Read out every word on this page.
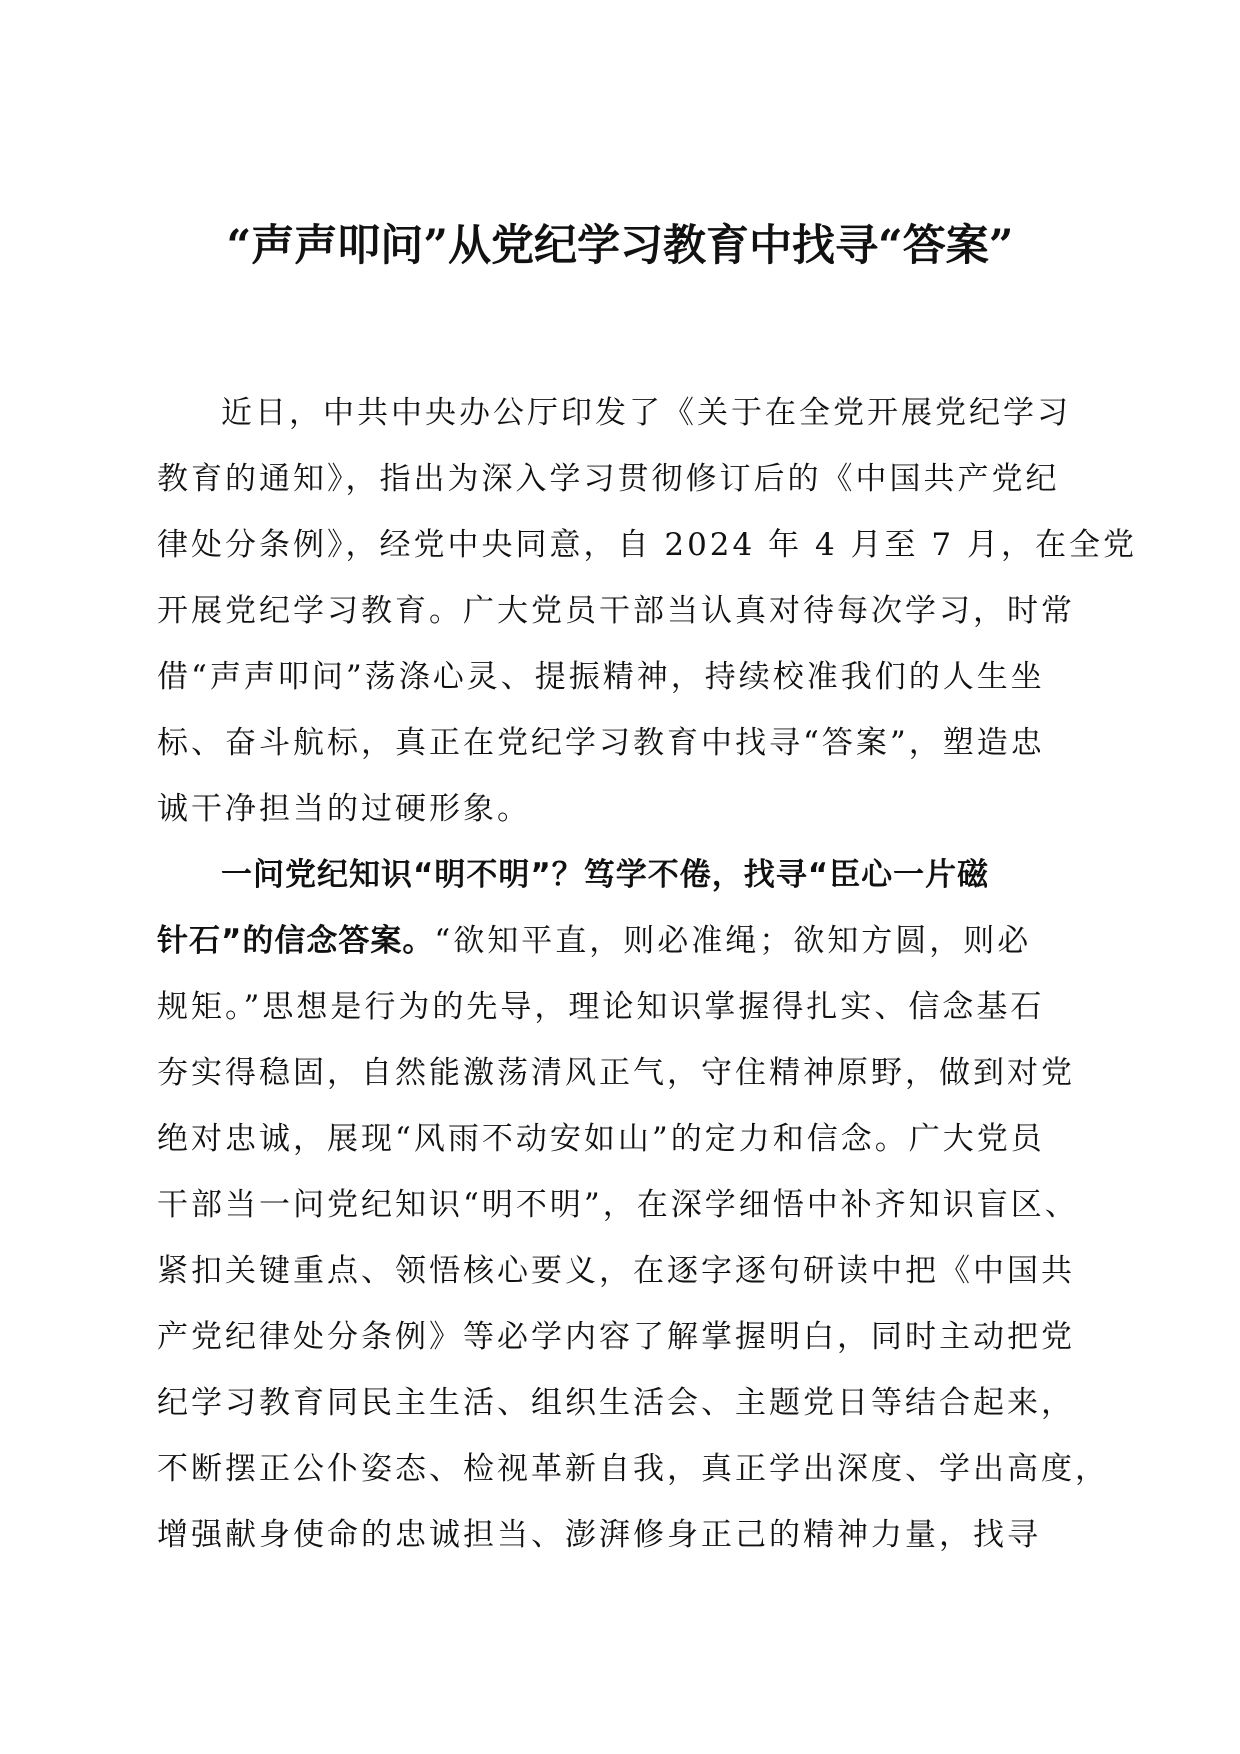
“声声叩问”从党纪学习教育中找寻“答案”
近日，中共中央办公厅印发了《关于在全党开展党纪学习
教育的通知》，指出为深入学习贯彻修订后的《中国共产党纪
律处分条例》，经党中央同意，自 2024 年 4 月至 7 月，在全党
开展党纪学习教育。广大党员干部当认真对待每次学习，时常
借“声声叩问”荡涤心灵、提振精神，持续校准我们的人生坐
标、奋斗航标，真正在党纪学习教育中找寻“答案”，塑造忠
诚干净担当的过硬形象。
一问党纪知识“明不明”？笃学不倦，找寻“臣心一片磁
针石”的信念答案。“欲知平直，则必准绳；欲知方圆，则必
规矩。”思想是行为的先导，理论知识掌握得扎实、信念基石
夯实得稳固，自然能激荡清风正气，守住精神原野，做到对党
绝对忠诚，展现“风雨不动安如山”的定力和信念。广大党员
干部当一问党纪知识“明不明”，在深学细悟中补齐知识盲区、
紧扣关键重点、领悟核心要义，在逐字逐句研读中把《中国共
产党纪律处分条例》等必学内容了解掌握明白，同时主动把党
纪学习教育同民主生活、组织生活会、主题党日等结合起来，
不断摆正公仆姿态、检视革新自我，真正学出深度、学出高度，
增强献身使命的忠诚担当、澎湃修身正己的精神力量，找寻
